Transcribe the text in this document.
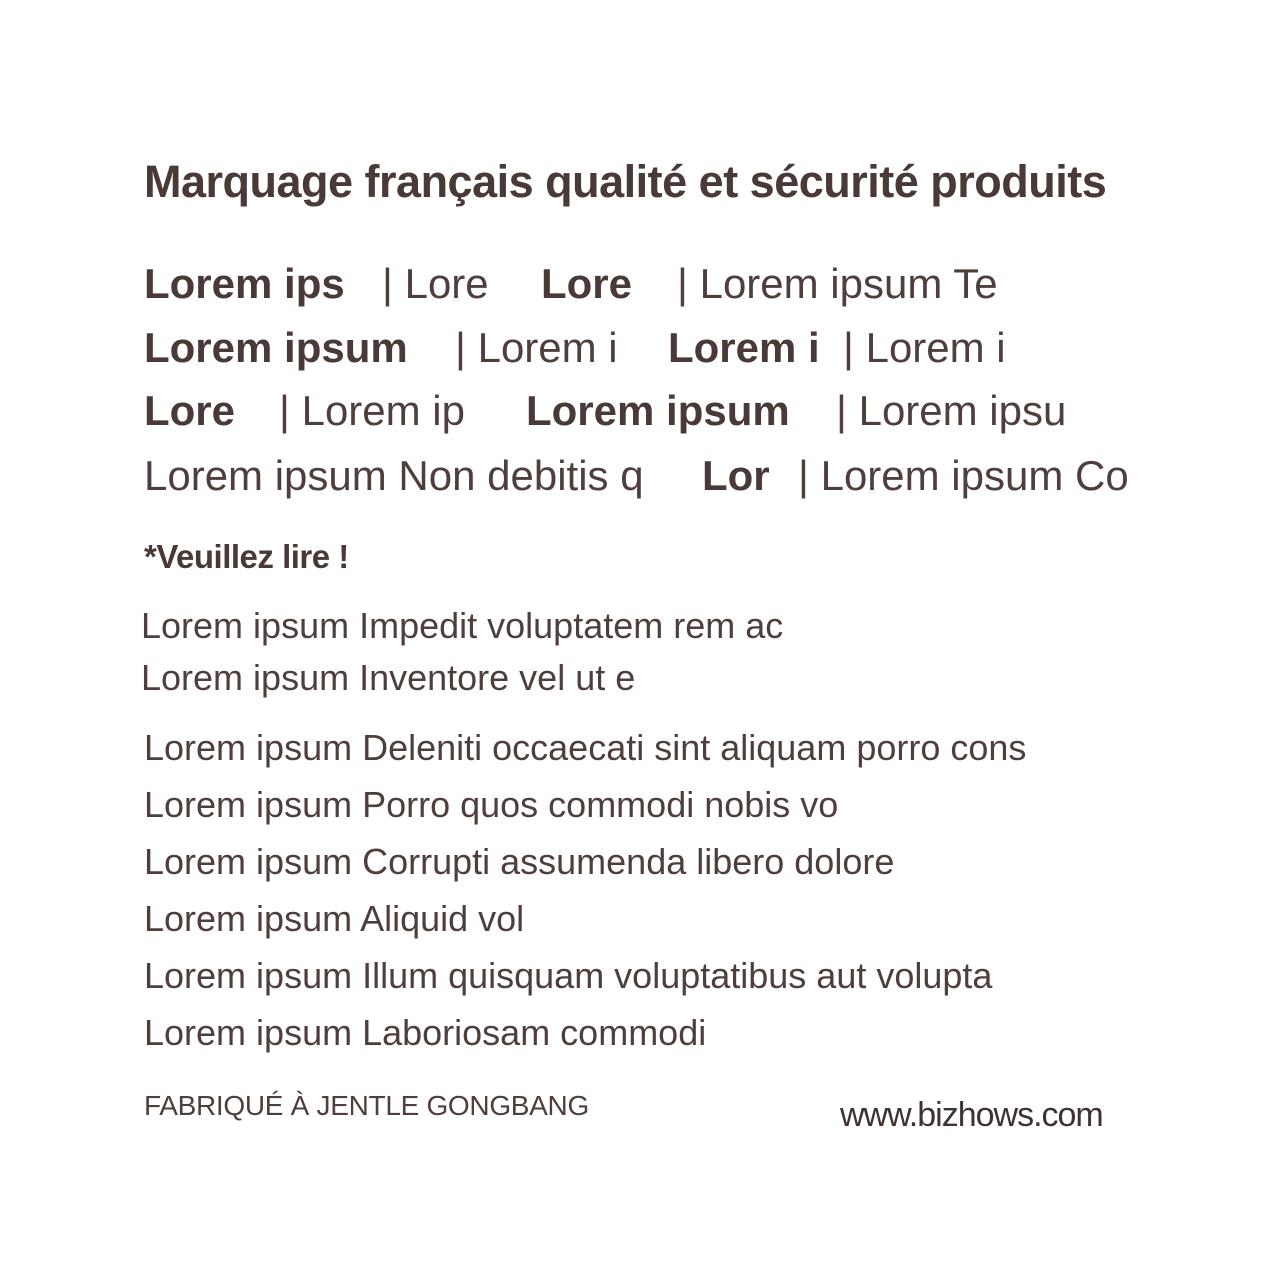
Marquage français qualité et sécurité produits
Lorem ips | Lore Lore | Lorem ipsum Te
Lorem ipsum | Lorem i Lorem i | Lorem i
Lore | Lorem ip Lorem ipsum | Lorem ipsu
Lorem ipsum Non debitis q Lor | Lorem ipsum Co
*Veuillez lire !
Lorem ipsum Impedit voluptatem rem ac
Lorem ipsum Inventore vel ut e
Lorem ipsum Deleniti occaecati sint aliquam porro cons
Lorem ipsum Porro quos commodi nobis vo
Lorem ipsum Corrupti assumenda libero dolore
Lorem ipsum Aliquid vol
Lorem ipsum Illum quisquam voluptatibus aut volupta
Lorem ipsum Laboriosam commodi
FABRIQUÉ À JENTLE GONGBANG	www.bizhows.com
